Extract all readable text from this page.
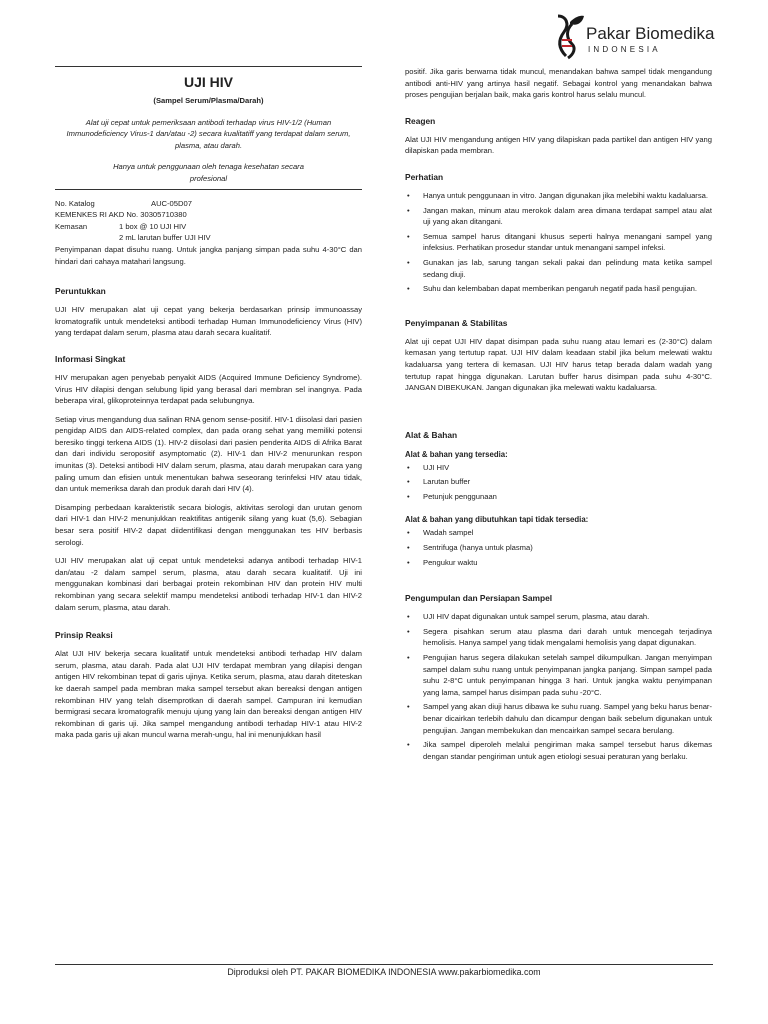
Pakar Biomedika
INDONESIA
UJI HIV
(Sampel Serum/Plasma/Darah)

Alat uji cepat untuk pemeriksaan antibodi terhadap virus HIV-1/2 (Human Immunodeficiency Virus-1 dan/atau -2) secara kualitatiff yang terdapat dalam serum, plasma, atau darah.

Hanya untuk penggunaan oleh tenaga kesehatan secara profesional

No. Katalog	AUC-05D07
KEMENKES RI AKD No. 30305710380
Kemasan	1 box @ 10 UJI HIV
2 mL larutan buffer UJI HIV

Penyimpanan dapat disuhu ruang. Untuk jangka panjang simpan pada suhu 4-30°C dan hindari dari cahaya matahari langsung.

Peruntukkan

UJI HIV merupakan alat uji cepat yang bekerja berdasarkan prinsip immunoassay kromatografik untuk mendeteksi antibodi terhadap Human Immunodeficiency Virus (HIV) yang terdapat dalam serum, plasma atau darah secara kualitatif.

Informasi Singkat

HIV merupakan agen penyebab penyakit AIDS (Acquired Immune Deficiency Syndrome). Virus HIV dilapisi dengan selubung lipid yang berasal dari membran sel inangnya. Pada beberapa viral, glikoproteinnya terdapat pada selubungnya.

Setiap virus mengandung dua salinan RNA genom sense-positif. HIV-1 diisolasi dari pasien pengidap AIDS dan AIDS-related complex, dan pada orang sehat yang memiliki potensi beresiko tinggi terkena AIDS (1). HIV-2 diisolasi dari pasien penderita AIDS di Afrika Barat dan dari individu seropositif asymptomatic (2). HIV-1 dan HIV-2 menurunkan respon imunitas (3). Deteksi antibodi HIV dalam serum, plasma, atau darah merupakan cara yang paling umum dan efisien untuk menentukan bahwa seseorang terinfeksi HIV atau tidak, dan untuk memeriksa darah dan produk darah dari HIV (4).

Disamping perbedaan karakteristik secara biologis, aktivitas serologi dan urutan genom dari HIV-1 dan HIV-2 menunjukkan reaktifitas antigenik silang yang kuat (5,6). Sebagian besar sera positif HIV-2 dapat diidentifikasi dengan menggunakan tes HIV berbasis serologi.

UJI HIV merupakan alat uji cepat untuk mendeteksi adanya antibodi terhadap HIV-1 dan/atau -2 dalam sampel serum, plasma, atau darah secara kualitatif. Uji ini menggunakan kombinasi dari berbagai protein rekombinan HIV dan protein HIV multi rekombinan yang secara selektif mampu mendeteksi antibodi terhadap HIV-1 dan HIV-2 dalam serum, plasma, atau darah.

Prinsip Reaksi

Alat UJI HIV bekerja secara kualitatif untuk mendeteksi antibodi terhadap HIV dalam serum, plasma, atau darah. Pada alat UJI HIV terdapat membran yang dilapisi dengan antigen HIV rekombinan tepat di garis ujinya. Ketika serum, plasma, atau darah diteteskan ke daerah sampel pada membran maka sampel tersebut akan bereaksi dengan antigen rekombinan HIV yang telah disemprotkan di daerah sampel. Campuran ini kemudian bermigrasi secara kromatografik menuju ujung yang lain dan bereaksi dengan antigen HIV rekombinan di garis uji. Jika sampel mengandung antibodi terhadap HIV-1 atau HIV-2 maka pada garis uji akan muncul warna merah-ungu, hal ini menunjukkan hasil

positif. Jika garis berwarna tidak muncul, menandakan bahwa sampel tidak mengandung antibodi anti-HIV yang artinya hasil negatif. Sebagai kontrol yang menandakan bahwa proses pengujian berjalan baik, maka garis kontrol harus selalu muncul.

Reagen

Alat UJI HIV mengandung antigen HIV yang dilapiskan pada partikel dan antigen HIV yang dilapiskan pada membran.

Perhatian
• Hanya untuk penggunaan in vitro. Jangan digunakan jika melebihi waktu kadaluarsa.
• Jangan makan, minum atau merokok dalam area dimana terdapat sampel atau alat uji yang akan ditangani.
• Semua sampel harus ditangani khusus seperti halnya menangani sampel yang infeksius. Perhatikan prosedur standar untuk menangani sampel infeksi.
• Gunakan jas lab, sarung tangan sekali pakai dan pelindung mata ketika sampel sedang diuji.
• Suhu dan kelembaban dapat memberikan pengaruh negatif pada hasil pengujian.
Penyimpanan & Stabilitas

Alat uji cepat UJI HIV dapat disimpan pada suhu ruang atau lemari es (2-30°C) dalam kemasan yang tertutup rapat. UJI HIV dalam keadaan stabil jika belum melewati waktu kadaluarsa yang tertera di kemasan. UJI HIV harus tetap berada dalam wadah yang tertutup rapat hingga digunakan. Larutan buffer harus disimpan pada suhu 4-30°C. JANGAN DIBEKUKAN. Jangan digunakan jika melewati waktu kadaluarsa.

Alat & Bahan
Alat & bahan yang tersedia:
• UJI HIV
• Larutan buffer
• Petunjuk penggunaan
Alat & bahan yang dibutuhkan tapi tidak tersedia:
• Wadah sampel
• Sentrifuga (hanya untuk plasma)
• Pengukur waktu
Pengumpulan dan Persiapan Sampel
• UJI HIV dapat digunakan untuk sampel serum, plasma, atau darah.
• Segera pisahkan serum atau plasma dari darah untuk mencegah terjadinya hemolisis. Hanya sampel yang tidak mengalami hemolisis yang dapat digunakan.
• Pengujian harus segera dilakukan setelah sampel dikumpulkan. Jangan menyimpan sampel dalam suhu ruang untuk penyimpanan jangka panjang. Simpan sampel pada suhu 2-8°C untuk penyimpanan hingga 3 hari. Untuk jangka waktu penyimpanan yang lama, sampel harus disimpan pada suhu -20°C.
• Sampel yang akan diuji harus dibawa ke suhu ruang. Sampel yang beku harus benar-benar dicairkan terlebih dahulu dan dicampur dengan baik sebelum digunakan untuk pengujian. Jangan membekukan dan mencairkan sampel secara berulang.
• Jika sampel diperoleh melalui pengiriman maka sampel tersebut harus dikemas dengan standar pengiriman untuk agen etiologi sesuai peraturan yang berlaku.
Diproduksi oleh PT. PAKAR BIOMEDIKA INDONESIA www.pakarbiomedika.com
